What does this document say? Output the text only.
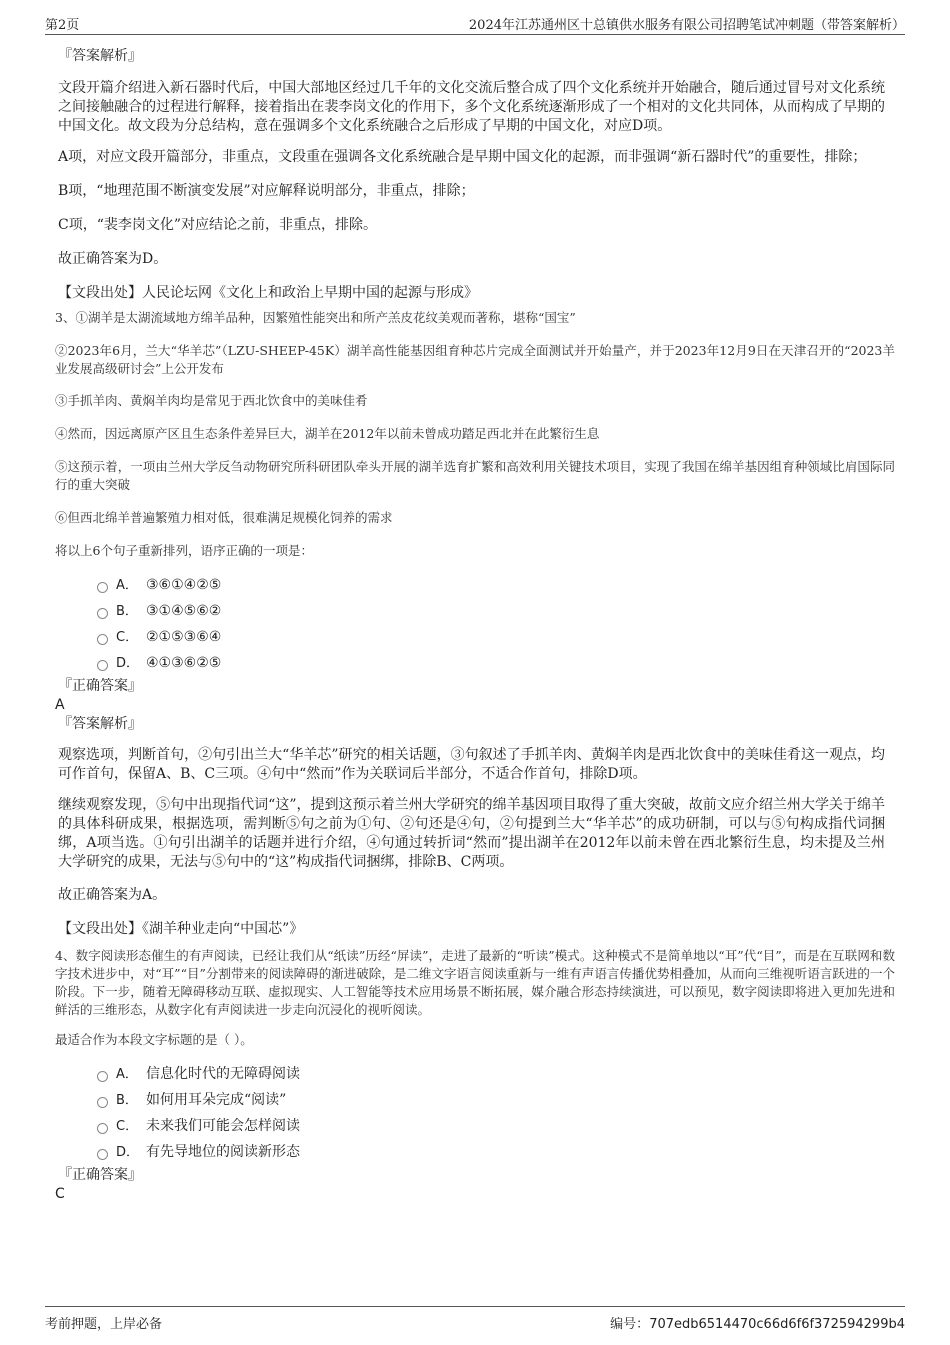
第2页	2024年江苏通州区十总镇供水服务有限公司招聘笔试冲刺题（带答案解析）
『答案解析』
文段开篇介绍进入新石器时代后，中国大部地区经过几千年的文化交流后整合成了四个文化系统并开始融合，随后通过冒号对文化系统之间接触融合的过程进行解释，接着指出在裴李岗文化的作用下，多个文化系统逐渐形成了一个相对的文化共同体，从而构成了早期的中国文化。故文段为分总结构，意在强调多个文化系统融合之后形成了早期的中国文化，对应D项。
A项，对应文段开篇部分，非重点，文段重在强调各文化系统融合是早期中国文化的起源，而非强调“新石器时代”的重要性，排除；
B项，“地理范围不断演变发展”对应解释说明部分，非重点，排除；
C项，“裴李岗文化”对应结论之前，非重点，排除。
故正确答案为D。
【文段出处】人民论坛网《文化上和政治上早期中国的起源与形成》
3、①湖羊是太湖流域地方绵羊品种，因繁殖性能突出和所产羔皮花纹美观而著称，堪称“国宝”
②2023年6月，兰大“华羊芯”（LZU-SHEEP-45K）湖羊高性能基因组育种芯片完成全面测试并开始量产，并于2023年12月9日在天津召开的“2023羊业发展高级研讨会”上公开发布
③手抓羊肉、黄焖羊肉均是常见于西北饮食中的美味佳肴
④然而，因远离原产区且生态条件差异巨大，湖羊在2012年以前未曾成功踏足西北并在此繁衍生息
⑤这预示着，一项由兰州大学反刍动物研究所科研团队牵头开展的湖羊选育扩繁和高效利用关键技术项目，实现了我国在绵羊基因组育种领域比肩国际同行的重大突破
⑥但西北绵羊普遍繁殖力相对低，很难满足规模化饲养的需求
将以上6个句子重新排列，语序正确的一项是：
A． ③⑥①④②⑤
B． ③①④⑤⑥②
C． ②①⑤③⑥④
D． ④①③⑥②⑤
『正确答案』
A
『答案解析』
观察选项，判断首句，②句引出兰大“华羊芯”研究的相关话题，③句叙述了手抓羊肉、黄焖羊肉是西北饮食中的美味佳肴这一观点，均可作首句，保留A、B、C三项。④句中“然而”作为关联词后半部分，不适合作首句，排除D项。
继续观察发现，⑤句中出现指代词“这”，提到这预示着兰州大学研究的绵羊基因项目取得了重大突破，故前文应介绍兰州大学关于绵羊的具体科研成果，根据选项，需判断⑤句之前为①句、②句还是④句，②句提到兰大“华羊芯”的成功研制，可以与⑤句构成指代词捆绑，A项当选。①句引出湖羊的话题并进行介绍，④句通过转折词“然而”提出湖羊在2012年以前未曾在西北繁衍生息，均未提及兰州大学研究的成果，无法与⑤句中的“这”构成指代词捆绑，排除B、C两项。
故正确答案为A。
【文段出处】《湖羊种业走向“中国芯”》
4、数字阅读形态催生的有声阅读，已经让我们从“纸读”历经“屏读”，走进了最新的“听读”模式。这种模式不是简单地以“耳”代“目”，而是在互联网和数字技术进步中，对“耳”“目”分割带来的阅读障碍的渐进破除，是二维文字语言阅读重新与一维有声语言传播优势相叠加，从而向三维视听语言跃进的一个阶段。下一步，随着无障碍移动互联、虚拟现实、人工智能等技术应用场景不断拓展，媒介融合形态持续演进，可以预见，数字阅读即将进入更加先进和鲜活的三维形态，从数字化有声阅读进一步走向沉浸化的视听阅读。
最适合作为本段文字标题的是（ ）。
A． 信息化时代的无障碍阅读
B． 如何用耳朵完成“阅读”
C． 未来我们可能会怎样阅读
D． 有先导地位的阅读新形态
『正确答案』
C
考前押题，上岸必备	编号：707edb6514470c66d6f6f372594299b4
